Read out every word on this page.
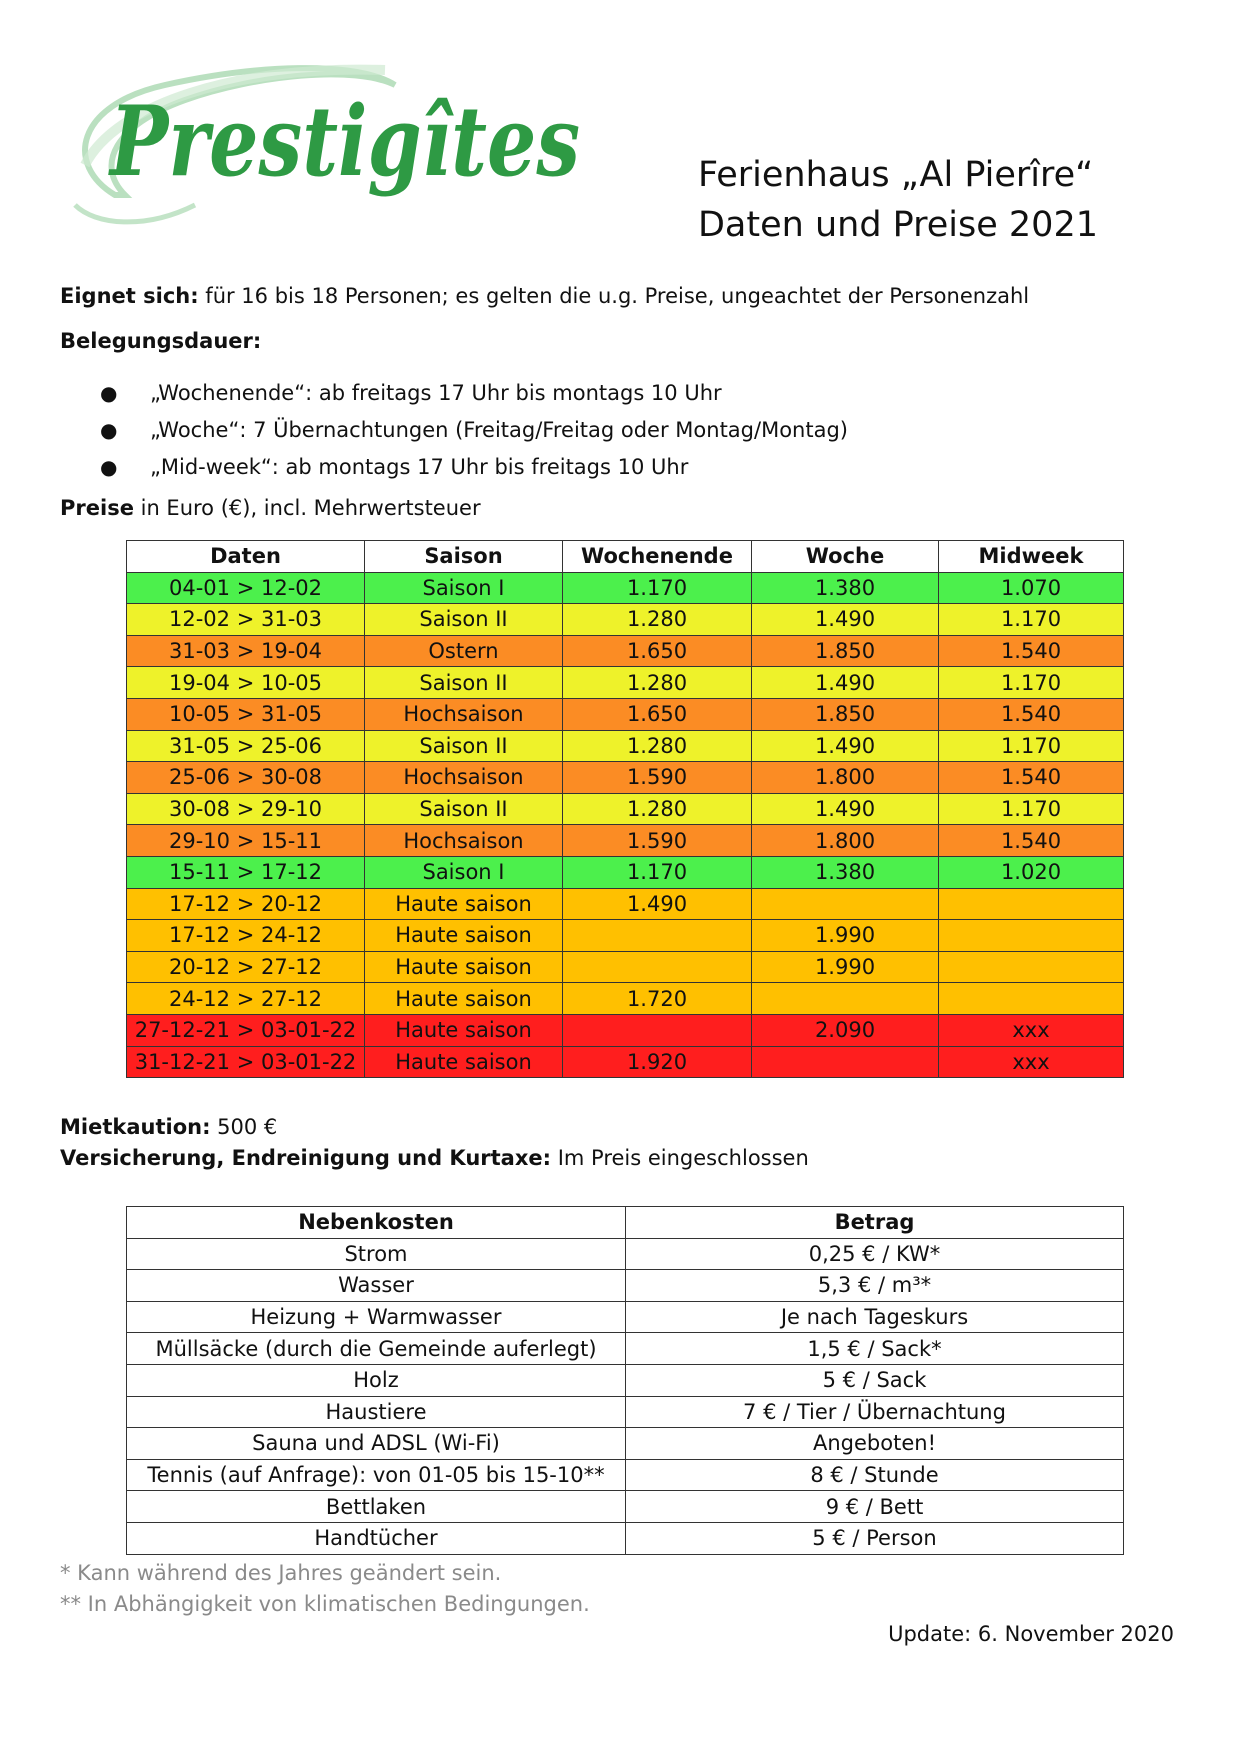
Prestigîtes	Ferienhaus „Al Pierîre“
Daten und Preise 2021
Eignet sich: für 16 bis 18 Personen; es gelten die u.g. Preise, ungeachtet der Personenzahl
Belegungsdauer:
● „Wochenende“: ab freitags 17 Uhr bis montags 10 Uhr
● „Woche“: 7 Übernachtungen (Freitag/Freitag oder Montag/Montag)
● „Mid-week“: ab montags 17 Uhr bis freitags 10 Uhr
Preise in Euro (€), incl. Mehrwertsteuer
Daten	Saison	Wochenende	Woche	Midweek
04-01 > 12-02	Saison I	1.170	1.380	1.070
12-02 > 31-03	Saison II	1.280	1.490	1.170
31-03 > 19-04	Ostern	1.650	1.850	1.540
19-04 > 10-05	Saison II	1.280	1.490	1.170
10-05 > 31-05	Hochsaison	1.650	1.850	1.540
31-05 > 25-06	Saison II	1.280	1.490	1.170
25-06 > 30-08	Hochsaison	1.590	1.800	1.540
30-08 > 29-10	Saison II	1.280	1.490	1.170
29-10 > 15-11	Hochsaison	1.590	1.800	1.540
15-11 > 17-12	Saison I	1.170	1.380	1.020
17-12 > 20-12	Haute saison	1.490		
17-12 > 24-12	Haute saison		1.990	
20-12 > 27-12	Haute saison		1.990	
24-12 > 27-12	Haute saison	1.720		
27-12-21 > 03-01-22	Haute saison		2.090	xxx
31-12-21 > 03-01-22	Haute saison	1.920		xxx
Mietkaution: 500 €
Versicherung, Endreinigung und Kurtaxe: Im Preis eingeschlossen
Nebenkosten	Betrag
Strom	0,25 € / KW*
Wasser	5,3 € / m³*
Heizung + Warmwasser	Je nach Tageskurs
Müllsäcke (durch die Gemeinde auferlegt)	1,5 € / Sack*
Holz	5 € / Sack
Haustiere	7 € / Tier / Übernachtung
Sauna und ADSL (Wi-Fi)	Angeboten!
Tennis (auf Anfrage): von 01-05 bis 15-10**	8 € / Stunde
Bettlaken	9 € / Bett
Handtücher	5 € / Person
* Kann während des Jahres geändert sein.
** In Abhängigkeit von klimatischen Bedingungen.
Update: 6. November 2020
